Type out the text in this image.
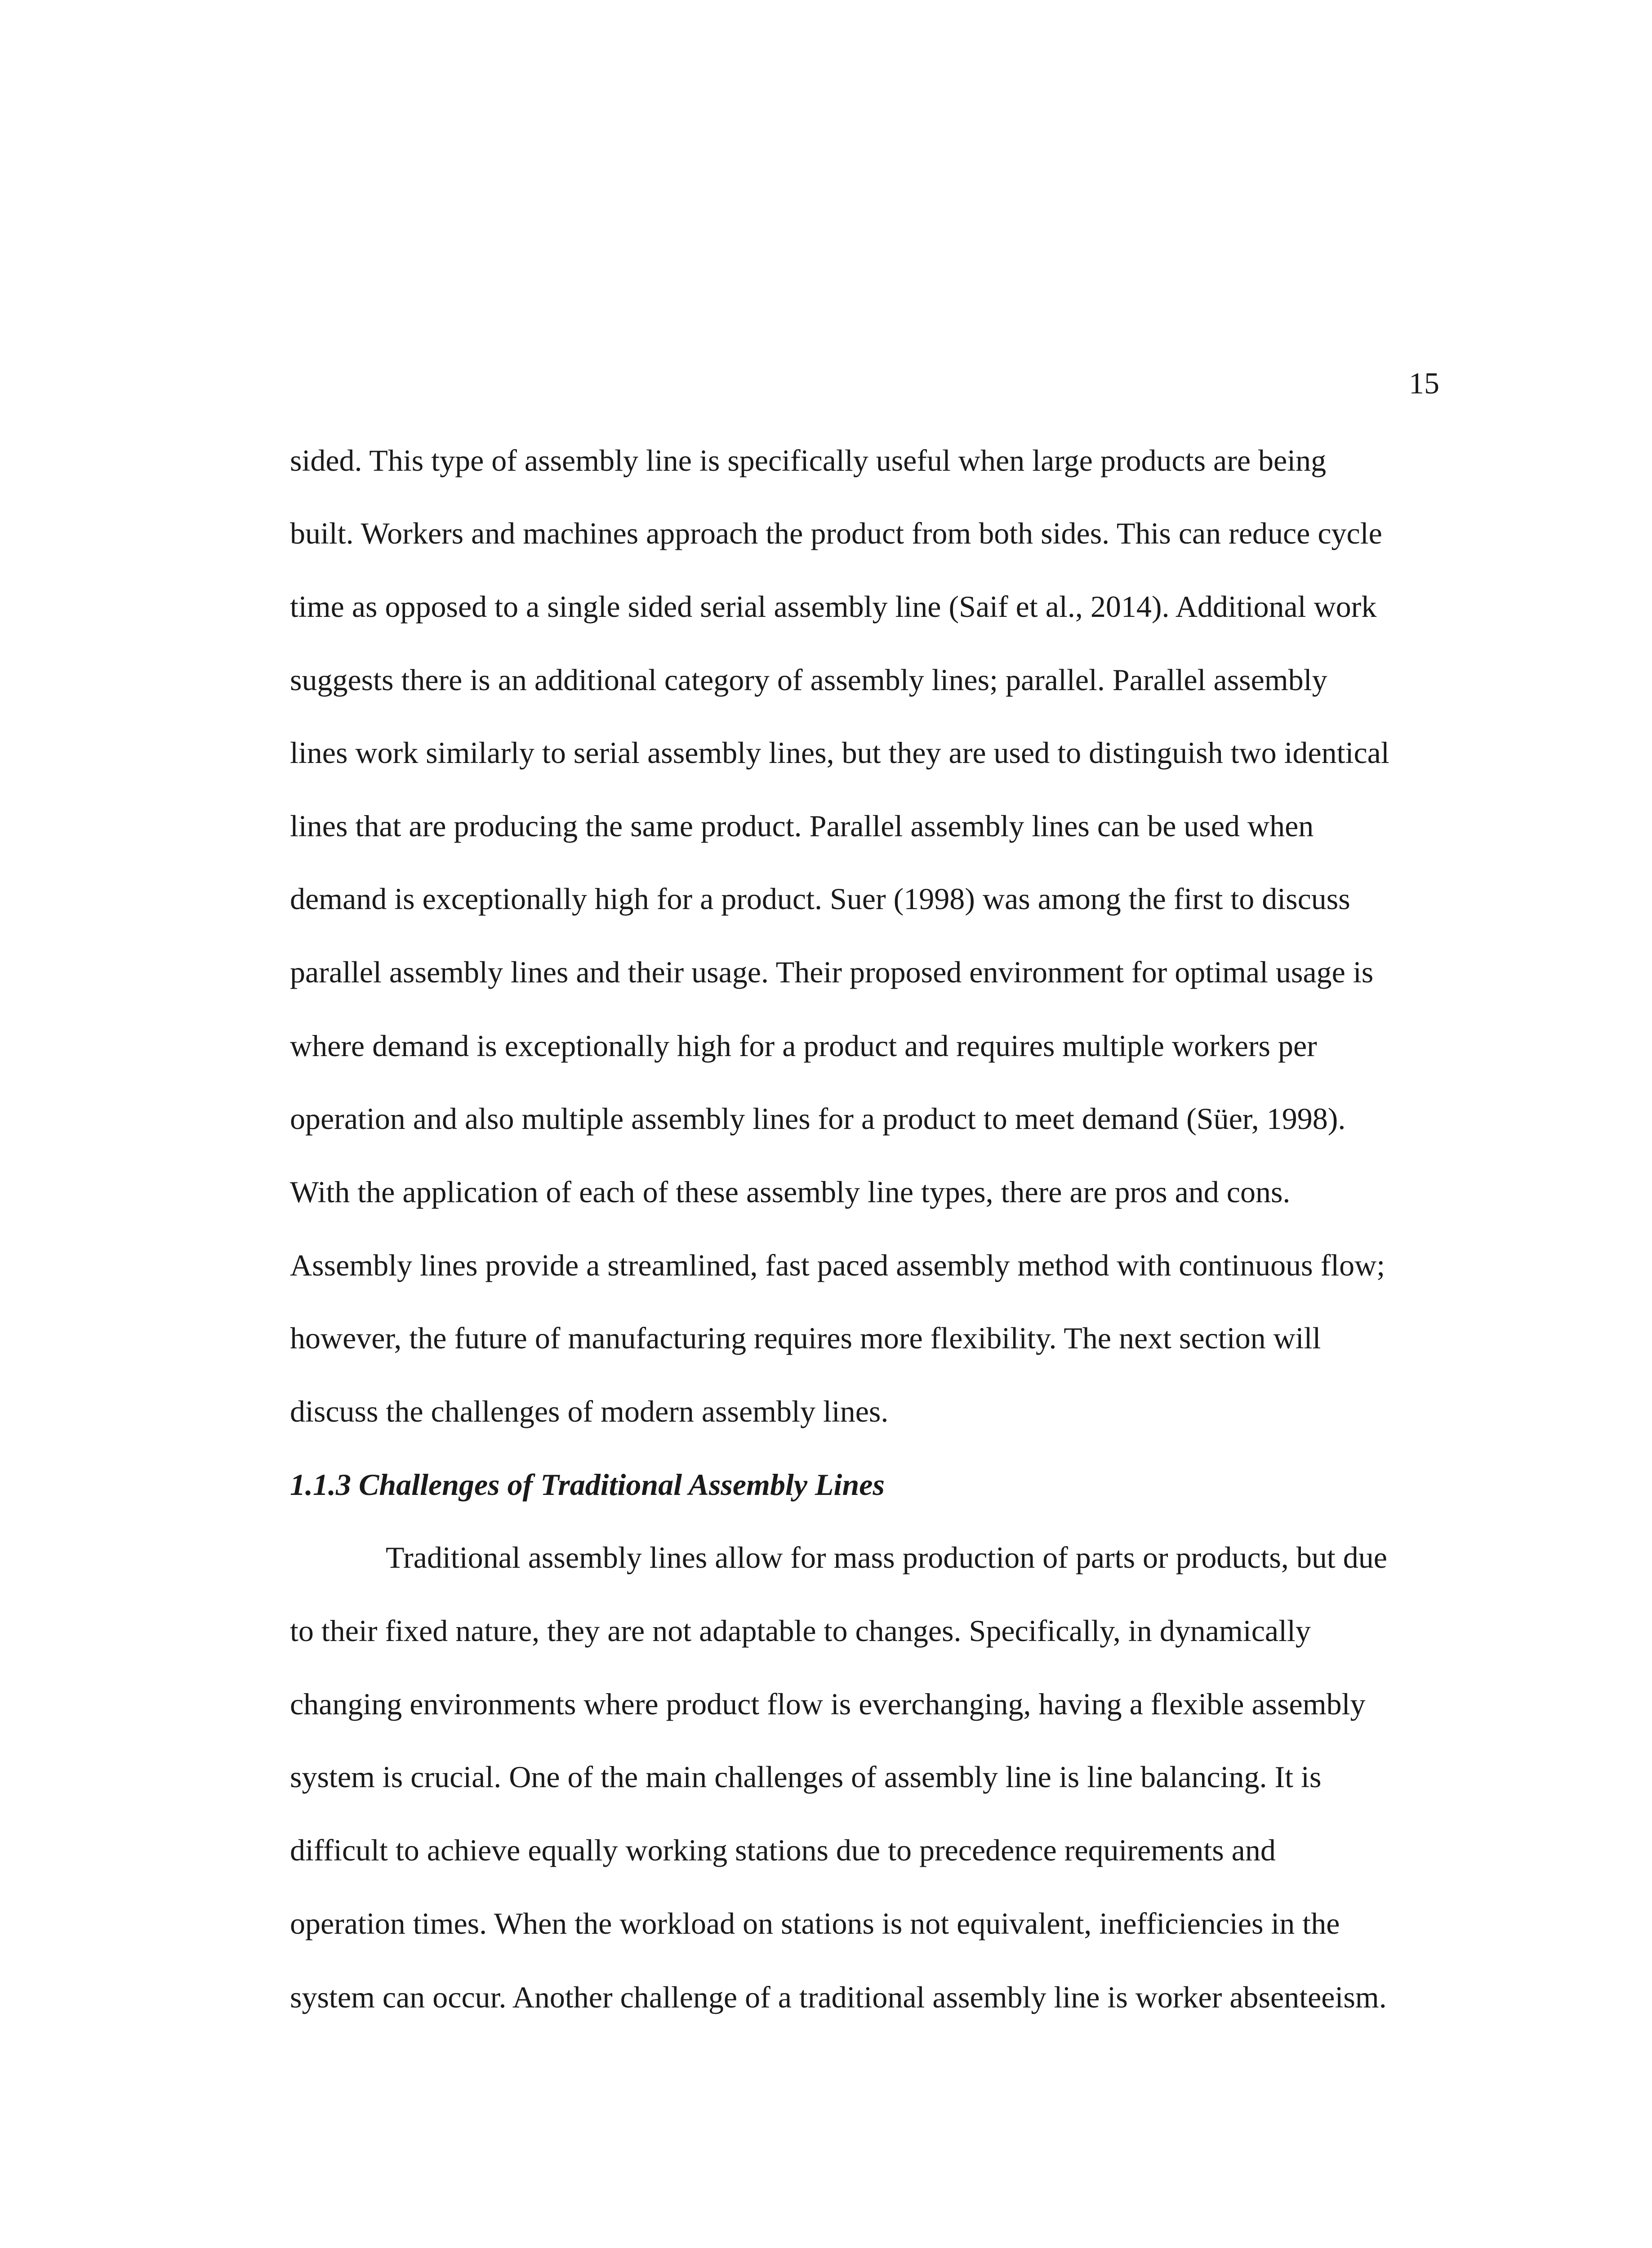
15
sided. This type of assembly line is specifically useful when large products are being
built. Workers and machines approach the product from both sides. This can reduce cycle
time as opposed to a single sided serial assembly line (Saif et al., 2014). Additional work
suggests there is an additional category of assembly lines; parallel. Parallel assembly
lines work similarly to serial assembly lines, but they are used to distinguish two identical
lines that are producing the same product. Parallel assembly lines can be used when
demand is exceptionally high for a product. Suer (1998) was among the first to discuss
parallel assembly lines and their usage. Their proposed environment for optimal usage is
where demand is exceptionally high for a product and requires multiple workers per
operation and also multiple assembly lines for a product to meet demand (Süer, 1998).
With the application of each of these assembly line types, there are pros and cons.
Assembly lines provide a streamlined, fast paced assembly method with continuous flow;
however, the future of manufacturing requires more flexibility. The next section will
discuss the challenges of modern assembly lines.
1.1.3 Challenges of Traditional Assembly Lines
Traditional assembly lines allow for mass production of parts or products, but due
to their fixed nature, they are not adaptable to changes. Specifically, in dynamically
changing environments where product flow is everchanging, having a flexible assembly
system is crucial. One of the main challenges of assembly line is line balancing. It is
difficult to achieve equally working stations due to precedence requirements and
operation times. When the workload on stations is not equivalent, inefficiencies in the
system can occur. Another challenge of a traditional assembly line is worker absenteeism.
